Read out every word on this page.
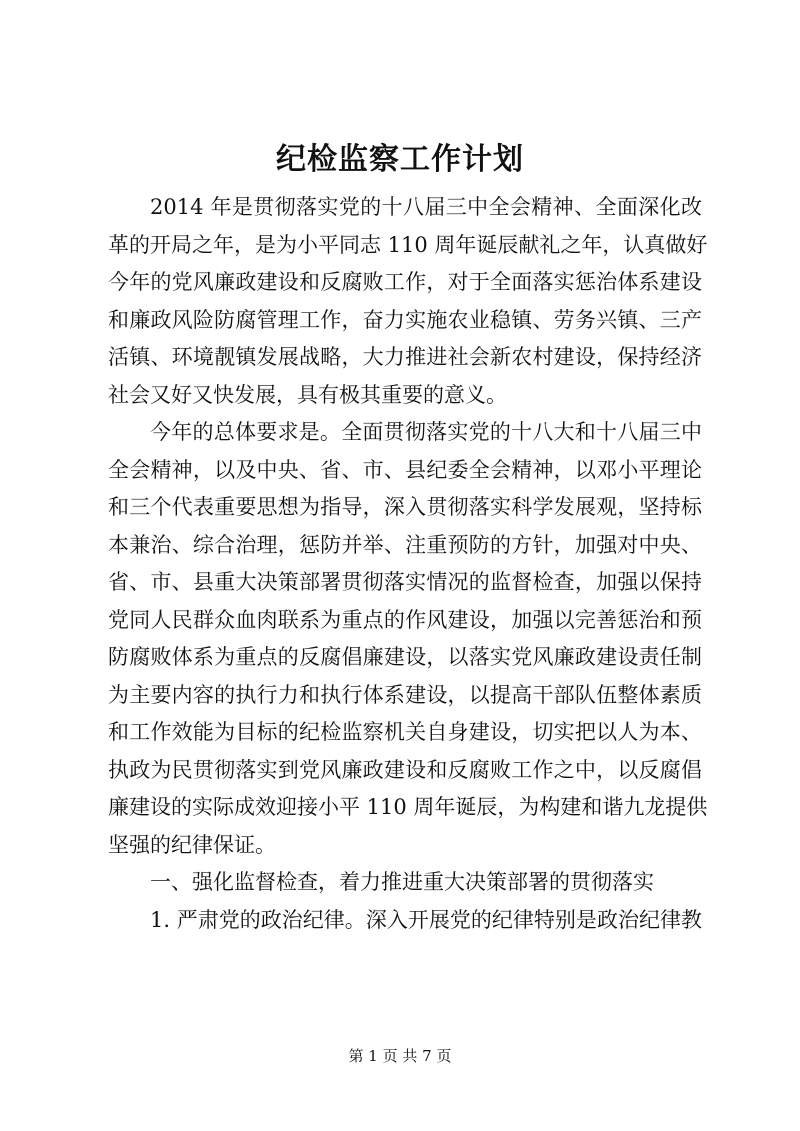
纪检监察工作计划
2014 年是贯彻落实党的十八届三中全会精神、全面深化改
革的开局之年，是为小平同志 110 周年诞辰献礼之年，认真做好
今年的党风廉政建设和反腐败工作，对于全面落实惩治体系建设
和廉政风险防腐管理工作，奋力实施农业稳镇、劳务兴镇、三产
活镇、环境靓镇发展战略，大力推进社会新农村建设，保持经济
社会又好又快发展，具有极其重要的意义。
今年的总体要求是。全面贯彻落实党的十八大和十八届三中
全会精神，以及中央、省、市、县纪委全会精神，以邓小平理论
和三个代表重要思想为指导，深入贯彻落实科学发展观，坚持标
本兼治、综合治理，惩防并举、注重预防的方针，加强对中央、
省、市、县重大决策部署贯彻落实情况的监督检查，加强以保持
党同人民群众血肉联系为重点的作风建设，加强以完善惩治和预
防腐败体系为重点的反腐倡廉建设，以落实党风廉政建设责任制
为主要内容的执行力和执行体系建设，以提高干部队伍整体素质
和工作效能为目标的纪检监察机关自身建设，切实把以人为本、
执政为民贯彻落实到党风廉政建设和反腐败工作之中，以反腐倡
廉建设的实际成效迎接小平 110 周年诞辰，为构建和谐九龙提供
坚强的纪律保证。
一、强化监督检查，着力推进重大决策部署的贯彻落实
1. 严肃党的政治纪律。深入开展党的纪律特别是政治纪律教
第 1 页 共 7 页
